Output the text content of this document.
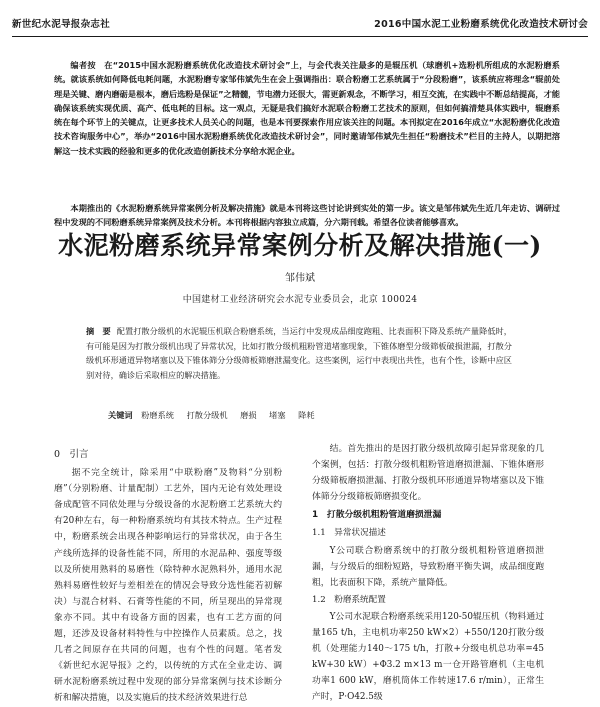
新世纪水泥导报杂志社	2016中国水泥工业粉磨系统优化改造技术研讨会

编者按　 在“2015中国水泥粉磨系统优化改造技术研讨会”上，与会代表关注最多的是辊压机（球磨机+选粉机所组成的水泥粉磨系统。就该系统如何降低电耗问题，水泥粉磨专家邹伟斌先生在会上强调指出：联合粉磨工艺系统属于“分段粉磨”，该系统应将理念“辊前处理是关键、磨内磨砺是根本，磨后选粉是保证”之精髓，节电潜力还很大，需更新观念，不断学习，相互交流，在实践中不断总结提高，才能确保该系统实现优质、高产、低电耗的目标。这一观点，无疑是我们搞好水泥联合粉磨工艺技术的原则，但如何搞清楚具体实践中，辊磨系统在每个环节上的关键点，让更多技术人员关心的问题，也是本刊要探索作用应该关注的问题。本刊拟定在2016年成立“水泥粉磨优化改造技术咨询服务中心”，举办“2016中国水泥粉磨系统优化改造技术研讨会”，同时邀请邹伟斌先生担任“粉磨技术”栏目的主持人，以期把溶解这一技术实践的经验和更多的优化改造创新技术分享给水泥企业。

本期推出的《水泥粉磨系统异常案例分析及解决措施》就是本刊将这些讨论讲到实处的第一步。该文是邹伟斌先生近几年走访、调研过程中发现的不同粉磨系统异常案例及技术分析。本刊将根据内容独立成篇，分六期刊载。希望各位读者能够喜欢。

水泥粉磨系统异常案例分析及解决措施(一)
邹伟斌
中国建材工业经济研究会水泥专业委员会，北京 100024

摘　要 配置打散分级机的水泥辊压机联合粉磨系统，当运行中发现成品细度跑粗、比表面积下降及系统产量降低时，有可能是因为打散分级机出现了异常状况，比如打散分级机粗粉管道堵塞现象，下锥体磨型分级筛板破损泄漏，打散分级机环形通道异物堵塞以及下锥体筛分分级筛板筛磨泄漏变化。这些案例，运行中表现出共性，也有个性，诊断中应区别对待，确诊后采取相应的解决措施。

关键词 粉磨系统 打散分级机 磨损 堵塞 降耗

0　引言

据不完全统计，除采用“中联粉磨”及物料“分别粉磨”（分别粉磨、计量配制）工艺外，国内无论有效处理设备成配管不同依处理与分级设备的水泥粉磨工艺系统大约有20种左右，每一种粉磨系统均有其技术特点。生产过程中，粉磨系统会出现各种影响运行的异常状况，由于各生产线所选择的设备性能不同，所用的水泥品种、强度等级以及所使用熟料的易磨性（除特种水泥熟料外，通用水泥熟料易磨性较好与差相差在的情况会导致分选性能若初解决）与混合材料、石膏等性能的不同，所呈现出的异常现象亦不同。其中有设备方面的因素，也有工艺方面的问题，还涉及设备材料特性与中控操作人员素质。总之，找几者之间原存在共同的问题，也有个性的问题。笔者发《新世纪水泥导报》之约，以传统的方式在全业走访、调研水泥粉磨系统过程中发现的部分异常案例与技术诊断分析和解决措施，以及实施后的技术经济效果进行总

结。首先推出的是因打散分级机故障引起异常现象的几个案例，包括：打散分级机粗粉管道磨损泄漏、下锥体磨形分级筛板磨损泄漏、打散分级机环形通道异物堵塞以及下锥体筛分分级筛板筛磨损变化。

1　打散分级机粗粉管道磨损泄漏

1.1　异常状况描述

Y公司联合粉磨系统中的打散分级机粗粉管道磨损泄漏，与分级后的细粉短路，导致粉磨平衡失调，成品细度跑粗，比表面积下降，系统产量降低。

1.2　粉磨系统配置

Y公司水泥联合粉磨系统采用120-50辊压机（物料通过量165 t/h，主电机功率250 kW×2）+550/120打散分级机（处理能力140～175 t/h，打散+分级电机总功率=45 kW+30 kW）+Φ3.2 m×13 m一仓开路管磨机（主电机功率1 600 kW，磨机筒体工作转速17.6 r/min），正常生产时，P·O42.5级
